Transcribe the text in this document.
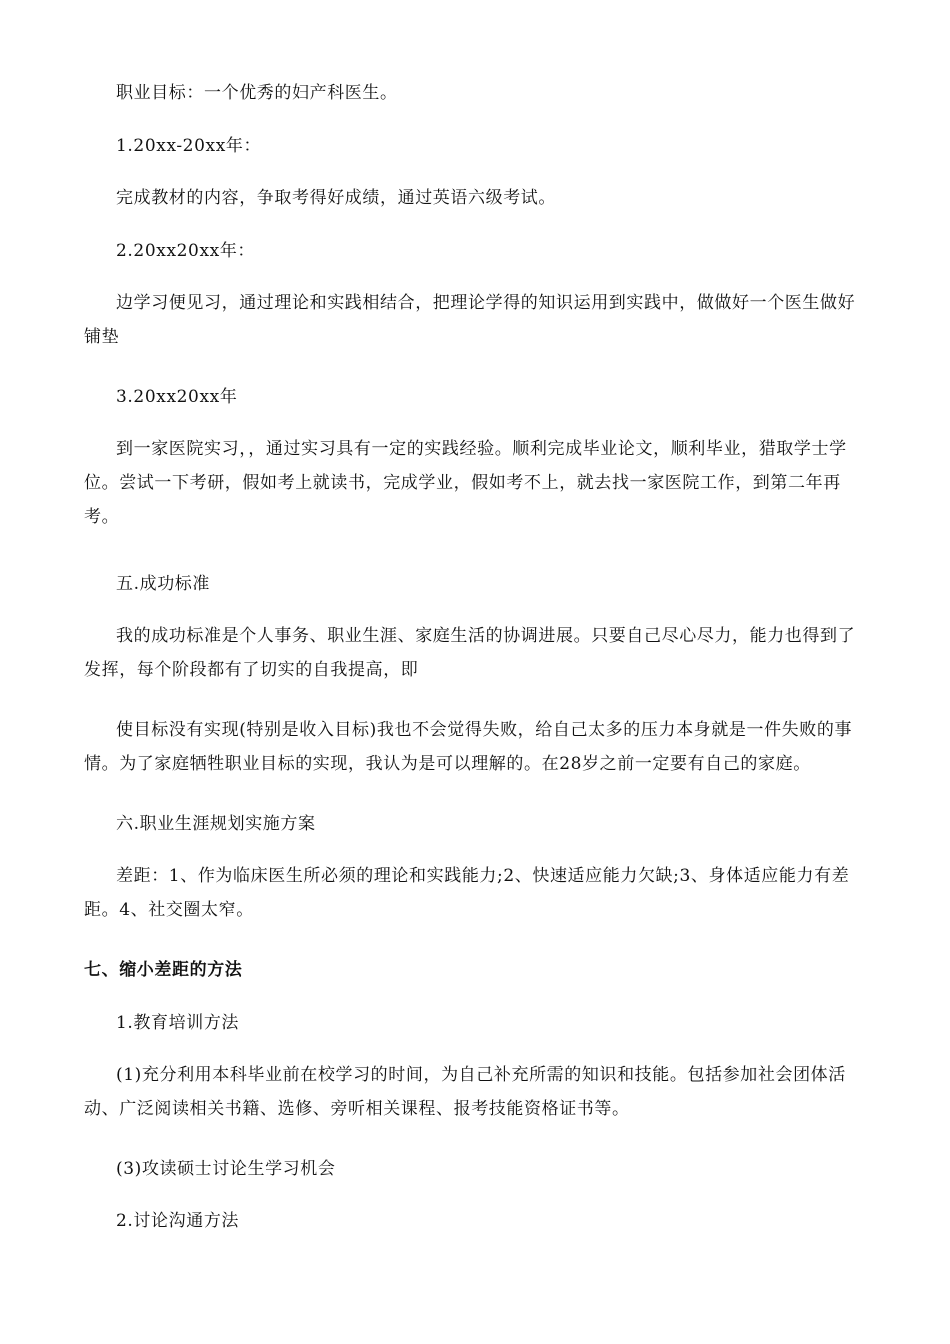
职业目标：一个优秀的妇产科医生。

1.20xx-20xx年：

完成教材的内容，争取考得好成绩，通过英语六级考试。

2.20xx20xx年：

边学习便见习，通过理论和实践相结合，把理论学得的知识运用到实践中，做做好一个医生做好铺垫

3.20xx20xx年

到一家医院实习，，通过实习具有一定的实践经验。顺利完成毕业论文，顺利毕业，猎取学士学位。尝试一下考研，假如考上就读书，完成学业，假如考不上，就去找一家医院工作，到第二年再考。

五.成功标准

我的成功标准是个人事务、职业生涯、家庭生活的协调进展。只要自己尽心尽力，能力也得到了发挥，每个阶段都有了切实的自我提高，即

使目标没有实现(特别是收入目标)我也不会觉得失败，给自己太多的压力本身就是一件失败的事情。为了家庭牺牲职业目标的实现，我认为是可以理解的。在28岁之前一定要有自己的家庭。

六.职业生涯规划实施方案

差距：1、作为临床医生所必须的理论和实践能力;2、快速适应能力欠缺;3、身体适应能力有差距。4、社交圈太窄。

七、缩小差距的方法

1.教育培训方法

(1)充分利用本科毕业前在校学习的时间，为自己补充所需的知识和技能。包括参加社会团体活动、广泛阅读相关书籍、选修、旁听相关课程、报考技能资格证书等。

(3)攻读硕士讨论生学习机会

2.讨论沟通方法
